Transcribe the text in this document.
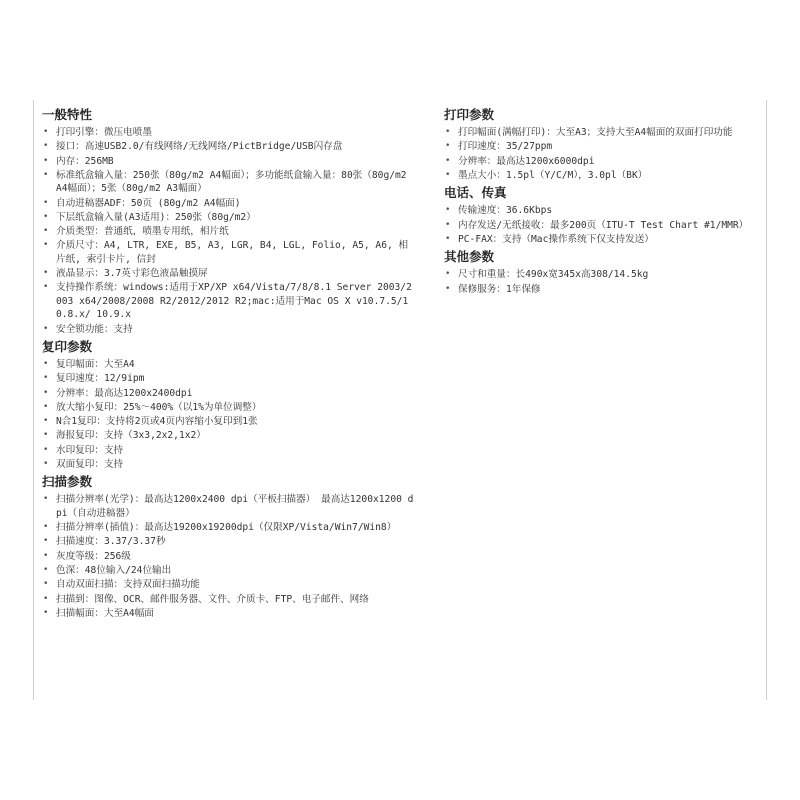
一般特性
• 打印引擎：微压电喷墨
• 接口：高速USB2.0/有线网络/无线网络/PictBridge/USB闪存盘
• 内存：256MB
• 标准纸盒输入量：250张（80g/m2 A4幅面）；多功能纸盒输入量：80张（80g/m2 A4幅面）；5张（80g/m2 A3幅面）
• 自动进稿器ADF：50页 (80g/m2 A4幅面)
• 下层纸盒输入量(A3适用)：250张（80g/m2）
• 介质类型：普通纸，喷墨专用纸，相片纸
• 介质尺寸：A4, LTR, EXE, B5, A3, LGR, B4, LGL, Folio, A5, A6, 相片纸, 索引卡片, 信封
• 液晶显示：3.7英寸彩色液晶触摸屏
• 支持操作系统：windows:适用于XP/XP x64/Vista/7/8/8.1 Server 2003/2003 x64/2008/2008 R2/2012/2012 R2;mac:适用于Mac OS X v10.7.5/10.8.x/ 10.9.x
• 安全锁功能：支持
复印参数
• 复印幅面：大至A4
• 复印速度：12/9ipm
• 分辨率：最高达1200x2400dpi
• 放大缩小复印：25%～400%（以1%为单位调整）
• N合1复印：支持将2页或4页内容缩小复印到1张
• 海报复印：支持（3x3,2x2,1x2）
• 水印复印：支持
• 双面复印：支持
扫描参数
• 扫描分辨率(光学)：最高达1200x2400 dpi（平板扫描器） 最高达1200x1200 dpi（自动进稿器）
• 扫描分辨率(插值)：最高达19200x19200dpi（仅限XP/Vista/Win7/Win8）
• 扫描速度：3.37/3.37秒
• 灰度等级：256级
• 色深：48位输入/24位输出
• 自动双面扫描：支持双面扫描功能
• 扫描到：图像、OCR、邮件服务器、文件、介质卡、FTP、电子邮件、网络
• 扫描幅面：大至A4幅面
打印参数
• 打印幅面(满幅打印)：大至A3；支持大至A4幅面的双面打印功能
• 打印速度：35/27ppm
• 分辨率：最高达1200x6000dpi
• 墨点大小：1.5pl（Y/C/M），3.0pl（BK）
电话、传真
• 传输速度：36.6Kbps
• 内存发送/无纸接收：最多200页（ITU-T Test Chart #1/MMR）
• PC-FAX：支持（Mac操作系统下仅支持发送）
其他参数
• 尺寸和重量：长490x宽345x高308/14.5kg
• 保修服务：1年保修
